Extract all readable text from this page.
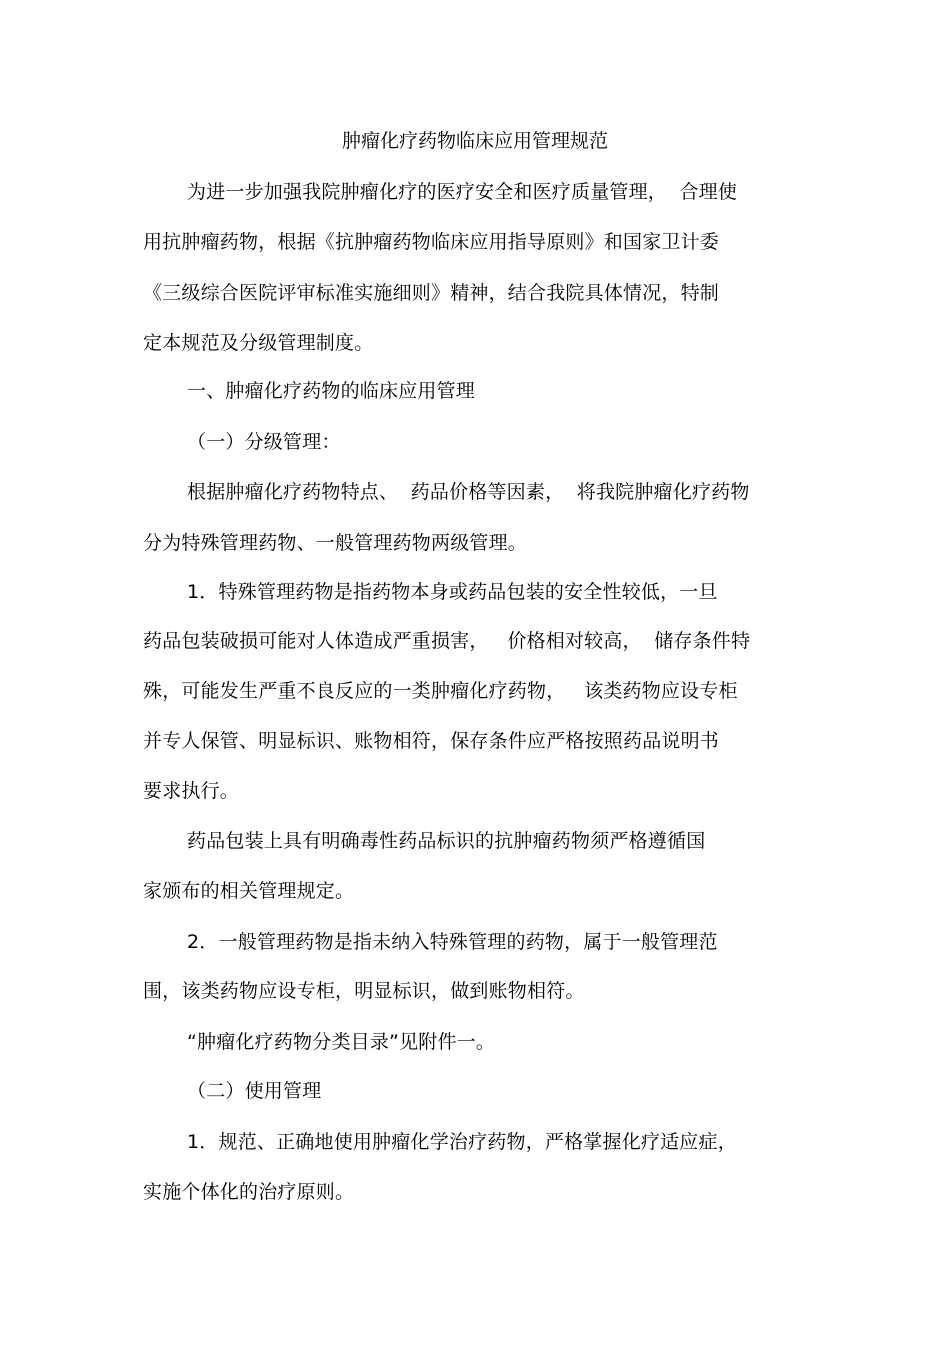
肿瘤化疗药物临床应用管理规范
为进一步加强我院肿瘤化疗的医疗安全和医疗质量管理，  合理使
用抗肿瘤药物，根据《抗肿瘤药物临床应用指导原则》和国家卫计委
《三级综合医院评审标准实施细则》精神，结合我院具体情况，特制
定本规范及分级管理制度。
一、肿瘤化疗药物的临床应用管理
（一）分级管理：
根据肿瘤化疗药物特点、  药品价格等因素，  将我院肿瘤化疗药物
分为特殊管理药物、一般管理药物两级管理。
1．特殊管理药物是指药物本身或药品包装的安全性较低，一旦
药品包装破损可能对人体造成严重损害，   价格相对较高，  储存条件特
殊，可能发生严重不良反应的一类肿瘤化疗药物，   该类药物应设专柜
并专人保管、明显标识、账物相符，保存条件应严格按照药品说明书
要求执行。
药品包装上具有明确毒性药品标识的抗肿瘤药物须严格遵循国
家颁布的相关管理规定。
2．一般管理药物是指未纳入特殊管理的药物，属于一般管理范
围，该类药物应设专柜，明显标识，做到账物相符。
“肿瘤化疗药物分类目录”见附件一。
（二）使用管理
1．规范、正确地使用肿瘤化学治疗药物，严格掌握化疗适应症，
实施个体化的治疗原则。
